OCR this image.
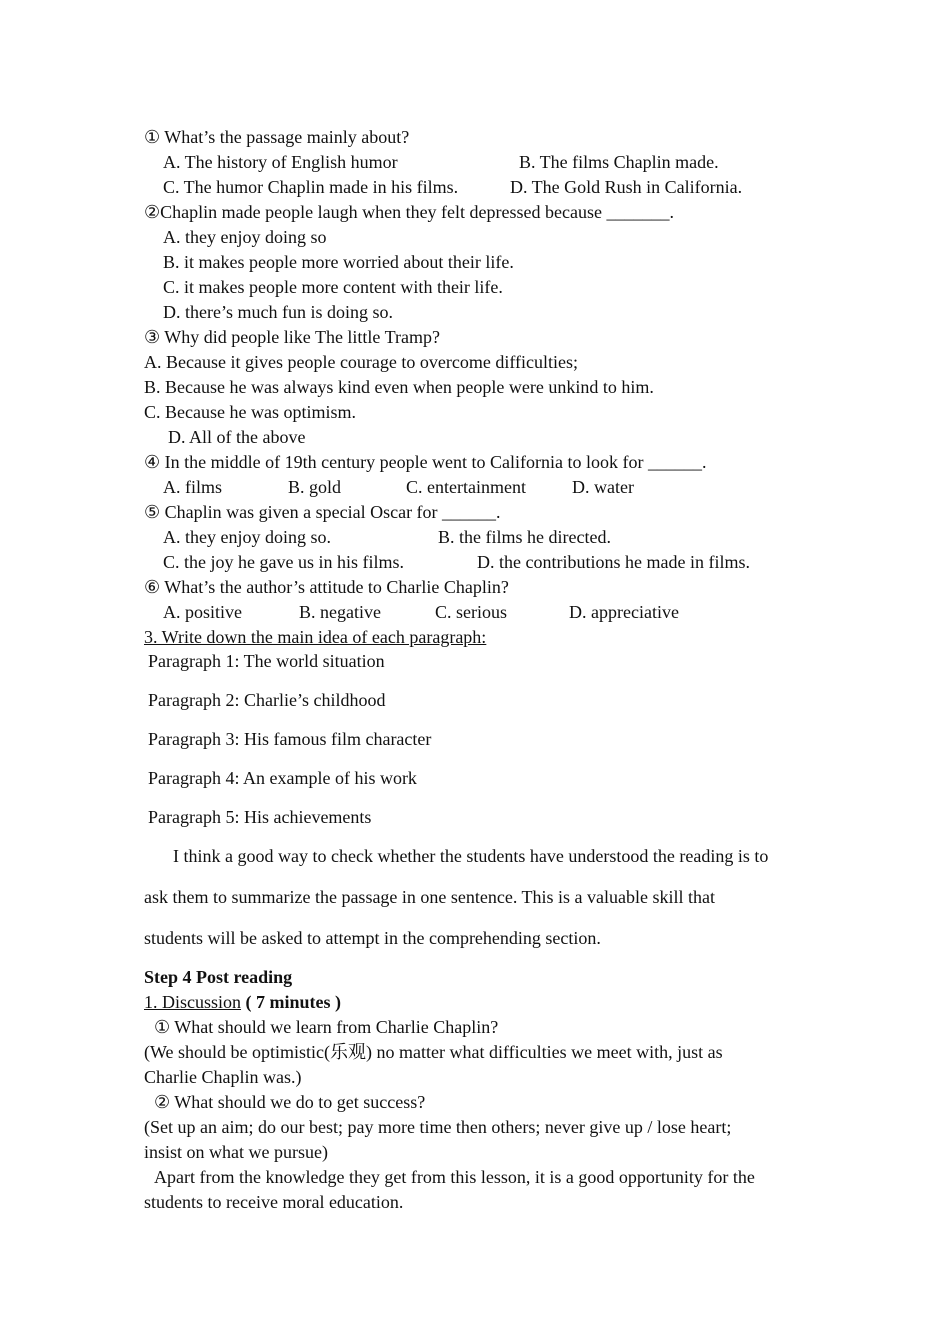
① What’s the passage mainly about?
A. The history of English humor	B. The films Chaplin made.
C. The humor Chaplin made in his films.	D. The Gold Rush in California.
②Chaplin made people laugh when they felt depressed because _______.
A. they enjoy doing so
B. it makes people more worried about their life.
C. it makes people more content with their life.
D. there’s much fun is doing so.
③ Why did people like The little Tramp?
A. Because it gives people courage to overcome difficulties;
B. Because he was always kind even when people were unkind to him.
C. Because he was optimism.
D. All of the above
④ In the middle of 19th century people went to California to look for ______.
A. films	B. gold	C. entertainment	D. water
⑤ Chaplin was given a special Oscar for ______.
A. they enjoy doing so.	B. the films he directed.
C. the joy he gave us in his films.	D. the contributions he made in films.
⑥ What’s the author’s attitude to Charlie Chaplin?
A. positive	B. negative	C. serious	D. appreciative
3. Write down the main idea of each paragraph:
Paragraph 1: The world situation
Paragraph 2: Charlie’s childhood
Paragraph 3: His famous film character
Paragraph 4: An example of his work
Paragraph 5: His achievements
I think a good way to check whether the students have understood the reading is to
ask them to summarize the passage in one sentence. This is a valuable skill that
students will be asked to attempt in the comprehending section.
Step 4 Post reading
1. Discussion ( 7 minutes )
① What should we learn from Charlie Chaplin?
(We should be optimistic(乐观) no matter what difficulties we meet with, just as
Charlie Chaplin was.)
② What should we do to get success?
(Set up an aim; do our best; pay more time then others; never give up / lose heart;
insist on what we pursue)
Apart from the knowledge they get from this lesson, it is a good opportunity for the
students to receive moral education.
